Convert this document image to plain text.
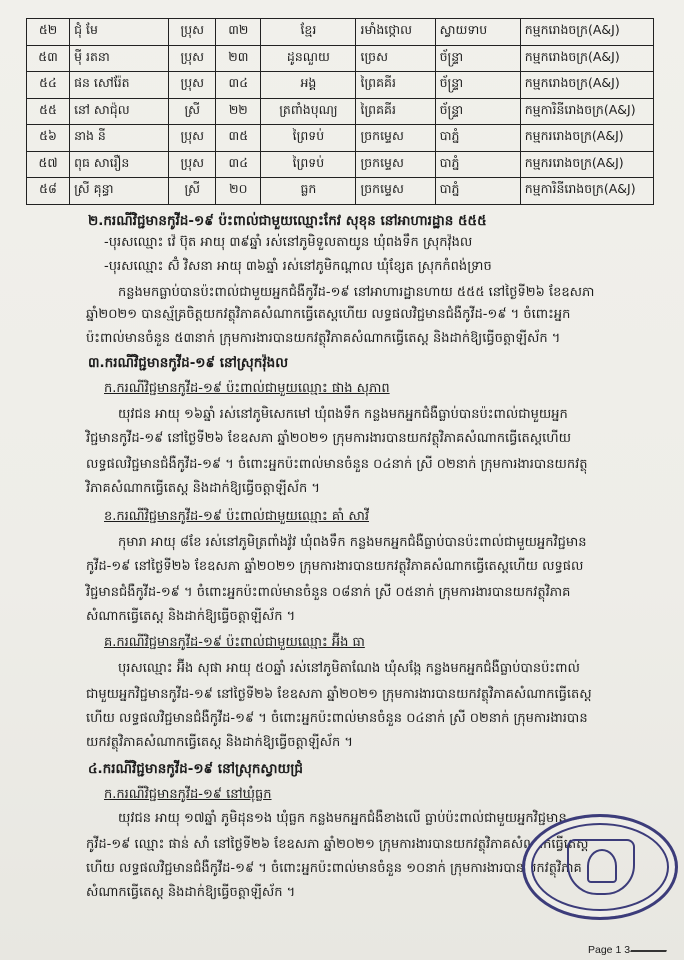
៥២	ជុំ មែ	ប្រុស	៣២	ខ្មែរ	រមាំងថ្កោល	ស្វាយទាប	កម្មករោងចក្រ(A&J)
៥៣	ម៉ី រតនា	ប្រុស	២៣	ដូនណួយ	ច្រេស	ច័ន្ទ្រា	កម្មករោងចក្រ(A&J)
៥៤	ផន សៅរ៉ែត	ប្រុស	៣៤	អង្គ	ព្រៃគគីរ	ច័ន្ទ្រា	កម្មករោងចក្រ(A&J)
៥៥	នៅ សាជ៉ុល	ស្រី	២២	ត្រពាំងបុណ្យ	ព្រៃគគីរ	ច័ន្ទ្រា	កម្មការិនីរោងចក្រ(A&J)
៥៦	នាង នី	ប្រុស	៣៥	ព្រៃទប់	ច្រកម្ទេស	បាភ្នំ	កម្មកររោងចក្រ(A&J)
៥៧	ពុធ សារឿន	ប្រុស	៣៤	ព្រៃទប់	ច្រកម្ទេស	បាភ្នំ	កម្មកររោងចក្រ(A&J)
៥៨	ស្រី គុន្ធា	ស្រី	២០	ធ្លក	ច្រកម្ទេស	បាភ្នំ	កម្មការិនីរោងចក្រ(A&J)
២.ករណីវិជ្ជមានកូវីដ-១៩ ប៉ះពាល់ជាមួយឈ្មោះកែវ សុខុន នៅអាហារដ្ឋាន ៥៥៥
-បុរសឈ្មោះ វ៉េ ប៊ុត អាយុ ៣៩ឆ្នាំ រស់នៅភូមិទួលតាយូន ឃុំពងទឹក ស្រុកវ៉ុងល
-បុរសឈ្មោះ ស៊ំ វិសនា អាយុ ៣៦ឆ្នាំ រស់នៅភូមិកណ្តាល ឃុំខ្សែត ស្រុកកំពង់ទ្រាច
កន្លងមកធ្លាប់បានប៉ះពាល់ជាមួយអ្នកជំងឺកូវីដ-១៩ នៅអាហារដ្ឋានហាយ ៥៥៥ នៅថ្ងៃទី២៦ ខែឧសភា
ឆ្នាំ២០២១ បានស្ម័គ្រចិត្តយកវត្ថុវិភាគសំណាកធ្វើតេស្តហើយ លទ្ធផលវិជ្ជមានជំងឺកូវីដ-១៩ ។ ចំពោះអ្នក
ប៉ះពាល់មានចំនួន ៥៣នាក់ ក្រុមការងារបានយកវត្ថុវិភាគសំណាកធ្វើតេស្ត និងដាក់ឱ្យធ្វើចត្តាឡីស័ក ។
៣.ករណីវិជ្ជមានកូវីដ-១៩ នៅស្រុកវ៉ុងល
ក.ករណីវិជ្ជមានកូវីដ-១៩ ប៉ះពាល់ជាមួយឈ្មោះ ផាង សុភាព
យុវជន អាយុ ១៦ឆ្នាំ រស់នៅភូមិសេកមៅ ឃុំពងទឹក កន្លងមកអ្នកជំងឺធ្លាប់បានប៉ះពាល់ជាមួយអ្នក
វិជ្ជមានកូវីដ-១៩ នៅថ្ងៃទី២៦ ខែឧសភា ឆ្នាំ២០២១ ក្រុមការងារបានយកវត្ថុវិភាគសំណាកធ្វើតេស្តហើយ
លទ្ធផលវិជ្ជមានជំងឺកូវីដ-១៩ ។ ចំពោះអ្នកប៉ះពាល់មានចំនួន ០៤នាក់ ស្រី ០២នាក់ ក្រុមការងារបានយកវត្ថុ
វិភាគសំណាកធ្វើតេស្ត និងដាក់ឱ្យធ្វើចត្តាឡីស័ក ។
ខ.ករណីវិជ្ជមានកូវីដ-១៩ ប៉ះពាល់ជាមួយឈ្មោះ គាំ សាវី
កុមារា អាយុ ៨ខែ រស់នៅភូមិត្រពាំងវ៉ូវ ឃុំពងទឹក កន្លងមកអ្នកជំងឺធ្លាប់បានប៉ះពាល់ជាមួយអ្នកវិជ្ជមាន
កូវីដ-១៩ នៅថ្ងៃទី២៦ ខែឧសភា ឆ្នាំ២០២១ ក្រុមការងារបានយកវត្ថុវិភាគសំណាកធ្វើតេស្តហើយ លទ្ធផល
វិជ្ជមានជំងឺកូវីដ-១៩ ។ ចំពោះអ្នកប៉ះពាល់មានចំនួន ០៨នាក់ ស្រី ០៥នាក់ ក្រុមការងារបានយកវត្ថុវិភាគ
សំណាកធ្វើតេស្ត និងដាក់ឱ្យធ្វើចត្តាឡីស័ក ។
គ.ករណីវិជ្ជមានកូវីដ-១៩ ប៉ះពាល់ជាមួយឈ្មោះ អ៊ីង ធា
បុរសឈ្មោះ អ៊ីង សុផា អាយុ ៥០ឆ្នាំ រស់នៅភូមិតាណែង ឃុំសង្កែ កន្លងមកអ្នកជំងឺធ្លាប់បានប៉ះពាល់
ជាមួយអ្នកវិជ្ជមានកូវីដ-១៩ នៅថ្ងៃទី២៦ ខែឧសភា ឆ្នាំ២០២១ ក្រុមការងារបានយកវត្ថុវិភាគសំណាកធ្វើតេស្ត
ហើយ លទ្ធផលវិជ្ជមានជំងឺកូវីដ-១៩ ។ ចំពោះអ្នកប៉ះពាល់មានចំនួន ០៤នាក់ ស្រី ០២នាក់ ក្រុមការងារបាន
យកវត្ថុវិភាគសំណាកធ្វើតេស្ត និងដាក់ឱ្យធ្វើចត្តាឡីស័ក ។
៤.ករណីវិជ្ជមានកូវីដ-១៩ នៅស្រុកស្វាយជ្រំ
ក.ករណីវិជ្ជមានកូវីដ-១៩ នៅឃុំធ្លក
យុវជន អាយុ ១៧ឆ្នាំ ភូមិដុន១ង ឃុំធ្លក កន្លងមកអ្នកជំងឺខាងលើ ធ្លាប់ប៉ះពាល់ជាមួយអ្នកវិជ្ជមាន
កូវីដ-១៩ ឈ្មោះ ផាន់ សាំ នៅថ្ងៃទី២៦ ខែឧសភា ឆ្នាំ២០២១ ក្រុមការងារបានយកវត្ថុវិភាគសំណាកធ្វើតេស្ត
ហើយ លទ្ធផលវិជ្ជមានជំងឺកូវីដ-១៩ ។ ចំពោះអ្នកប៉ះពាល់មានចំនួន ១០នាក់ ក្រុមការងារបានយកវត្ថុវិភាគ
សំណាកធ្វើតេស្ត និងដាក់ឱ្យធ្វើចត្តាឡីស័ក ។
Page 1 3
